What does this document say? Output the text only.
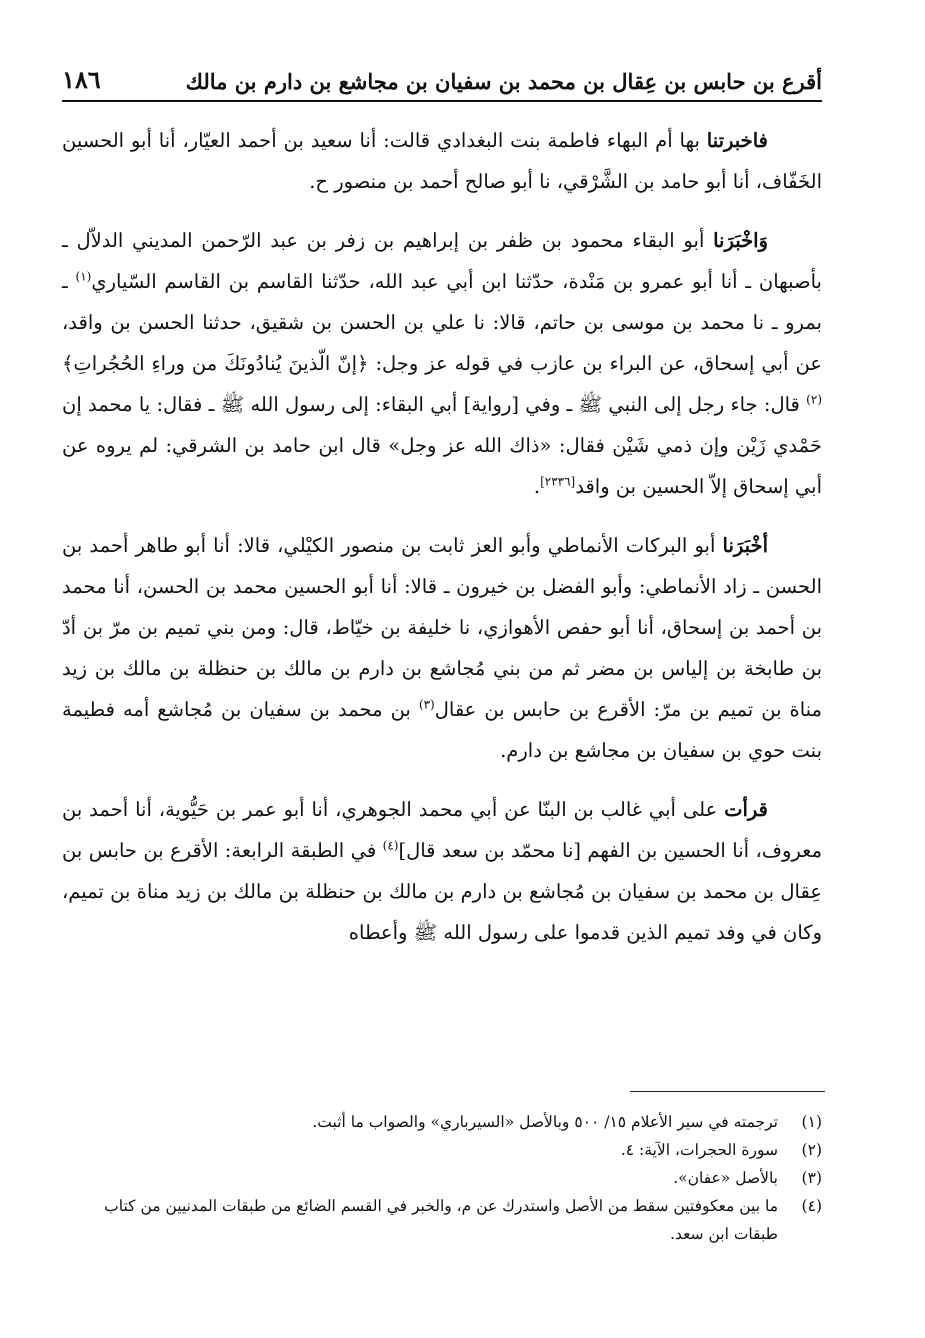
أقرع بن حابس بن عِقال بن محمد بن سفيان بن مجاشع بن دارم بن مالك
١٨٦

فاخبرتنا بها أم البهاء فاطمة بنت البغدادي قالت: أنا سعيد بن أحمد العيّار، أنا أبو الحسين الخَفّاف، أنا أبو حامد بن الشَّرْقي، نا أبو صالح أحمد بن منصور ح.

وَاخْبَرَنا أبو البقاء محمود بن ظفر بن إبراهيم بن زفر بن عبد الرّحمن المديني الدلاّل ـ بأصبهان ـ أنا أبو عمرو بن مَنْدة، حدّثنا ابن أبي عبد الله، حدّثنا القاسم بن القاسم السّياري$^{(١)}$ ـ بمرو ـ نا محمد بن موسى بن حاتم، قالا: نا علي بن الحسن بن شقيق، حدثنا الحسن بن واقد، عن أبي إسحاق، عن البراء بن عازب في قوله عز وجل: ﴿إنّ الّذينَ يُنادُونَكَ من وراءِ الحُجُراتِ﴾$^{(٢)}$ قال: جاء رجل إلى النبي ﷺ ـ وفي [رواية] أبي البقاء: إلى رسول الله ﷺ ـ فقال: يا محمد إن حَمْدي زَيْن وإن ذمي شَيْن فقال: «ذاك الله عز وجل» قال ابن حامد بن الشرقي: لم يروه عن أبي إسحاق إلاّ الحسين بن واقد[٢٣٣٦].

أخْبَرَنا أبو البركات الأنماطي وأبو العز ثابت بن منصور الكيْلي، قالا: أنا أبو طاهر أحمد بن الحسن ـ زاد الأنماطي: وأبو الفضل بن خيرون ـ قالا: أنا أبو الحسين محمد بن الحسن، أنا محمد بن أحمد بن إسحاق، أنا أبو حفص الأهوازي، نا خليفة بن خيّاط، قال: ومن بني تميم بن مرّ بن أدّ بن طابخة بن إلياس بن مضر ثم من بني مُجاشع بن دارم بن مالك بن حنظلة بن مالك بن زيد مناة بن تميم بن مرّ: الأقرع بن حابس بن عقال$^{(٣)}$ بن محمد بن سفيان بن مُجاشع أمه فطيمة بنت حوي بن سفيان بن مجاشع بن دارم.

قرأت على أبي غالب بن البنّا عن أبي محمد الجوهري، أنا أبو عمر بن حَيُّوية، أنا أحمد بن معروف، أنا الحسين بن الفهم [نا محمّد بن سعد قال]$^{(٤)}$ في الطبقة الرابعة: الأقرع بن حابس بن عِقال بن محمد بن سفيان بن مُجاشع بن دارم بن مالك بن حنظلة بن مالك بن زيد مناة بن تميم، وكان في وفد تميم الذين قدموا على رسول الله ﷺ وأعطاه

(١)
ترجمته في سير الأعلام ١٥/ ٥٠٠ وبالأصل «السيرباري» والصواب ما أثبت.
(٢)
سورة الحجرات، الآية: ٤.
(٣)
بالأصل «عفان».
(٤)
ما بين معكوفتين سقط من الأصل واستدرك عن م، والخبر في القسم الضائع من طبقات المدنيين من كتاب طبقات ابن سعد.
